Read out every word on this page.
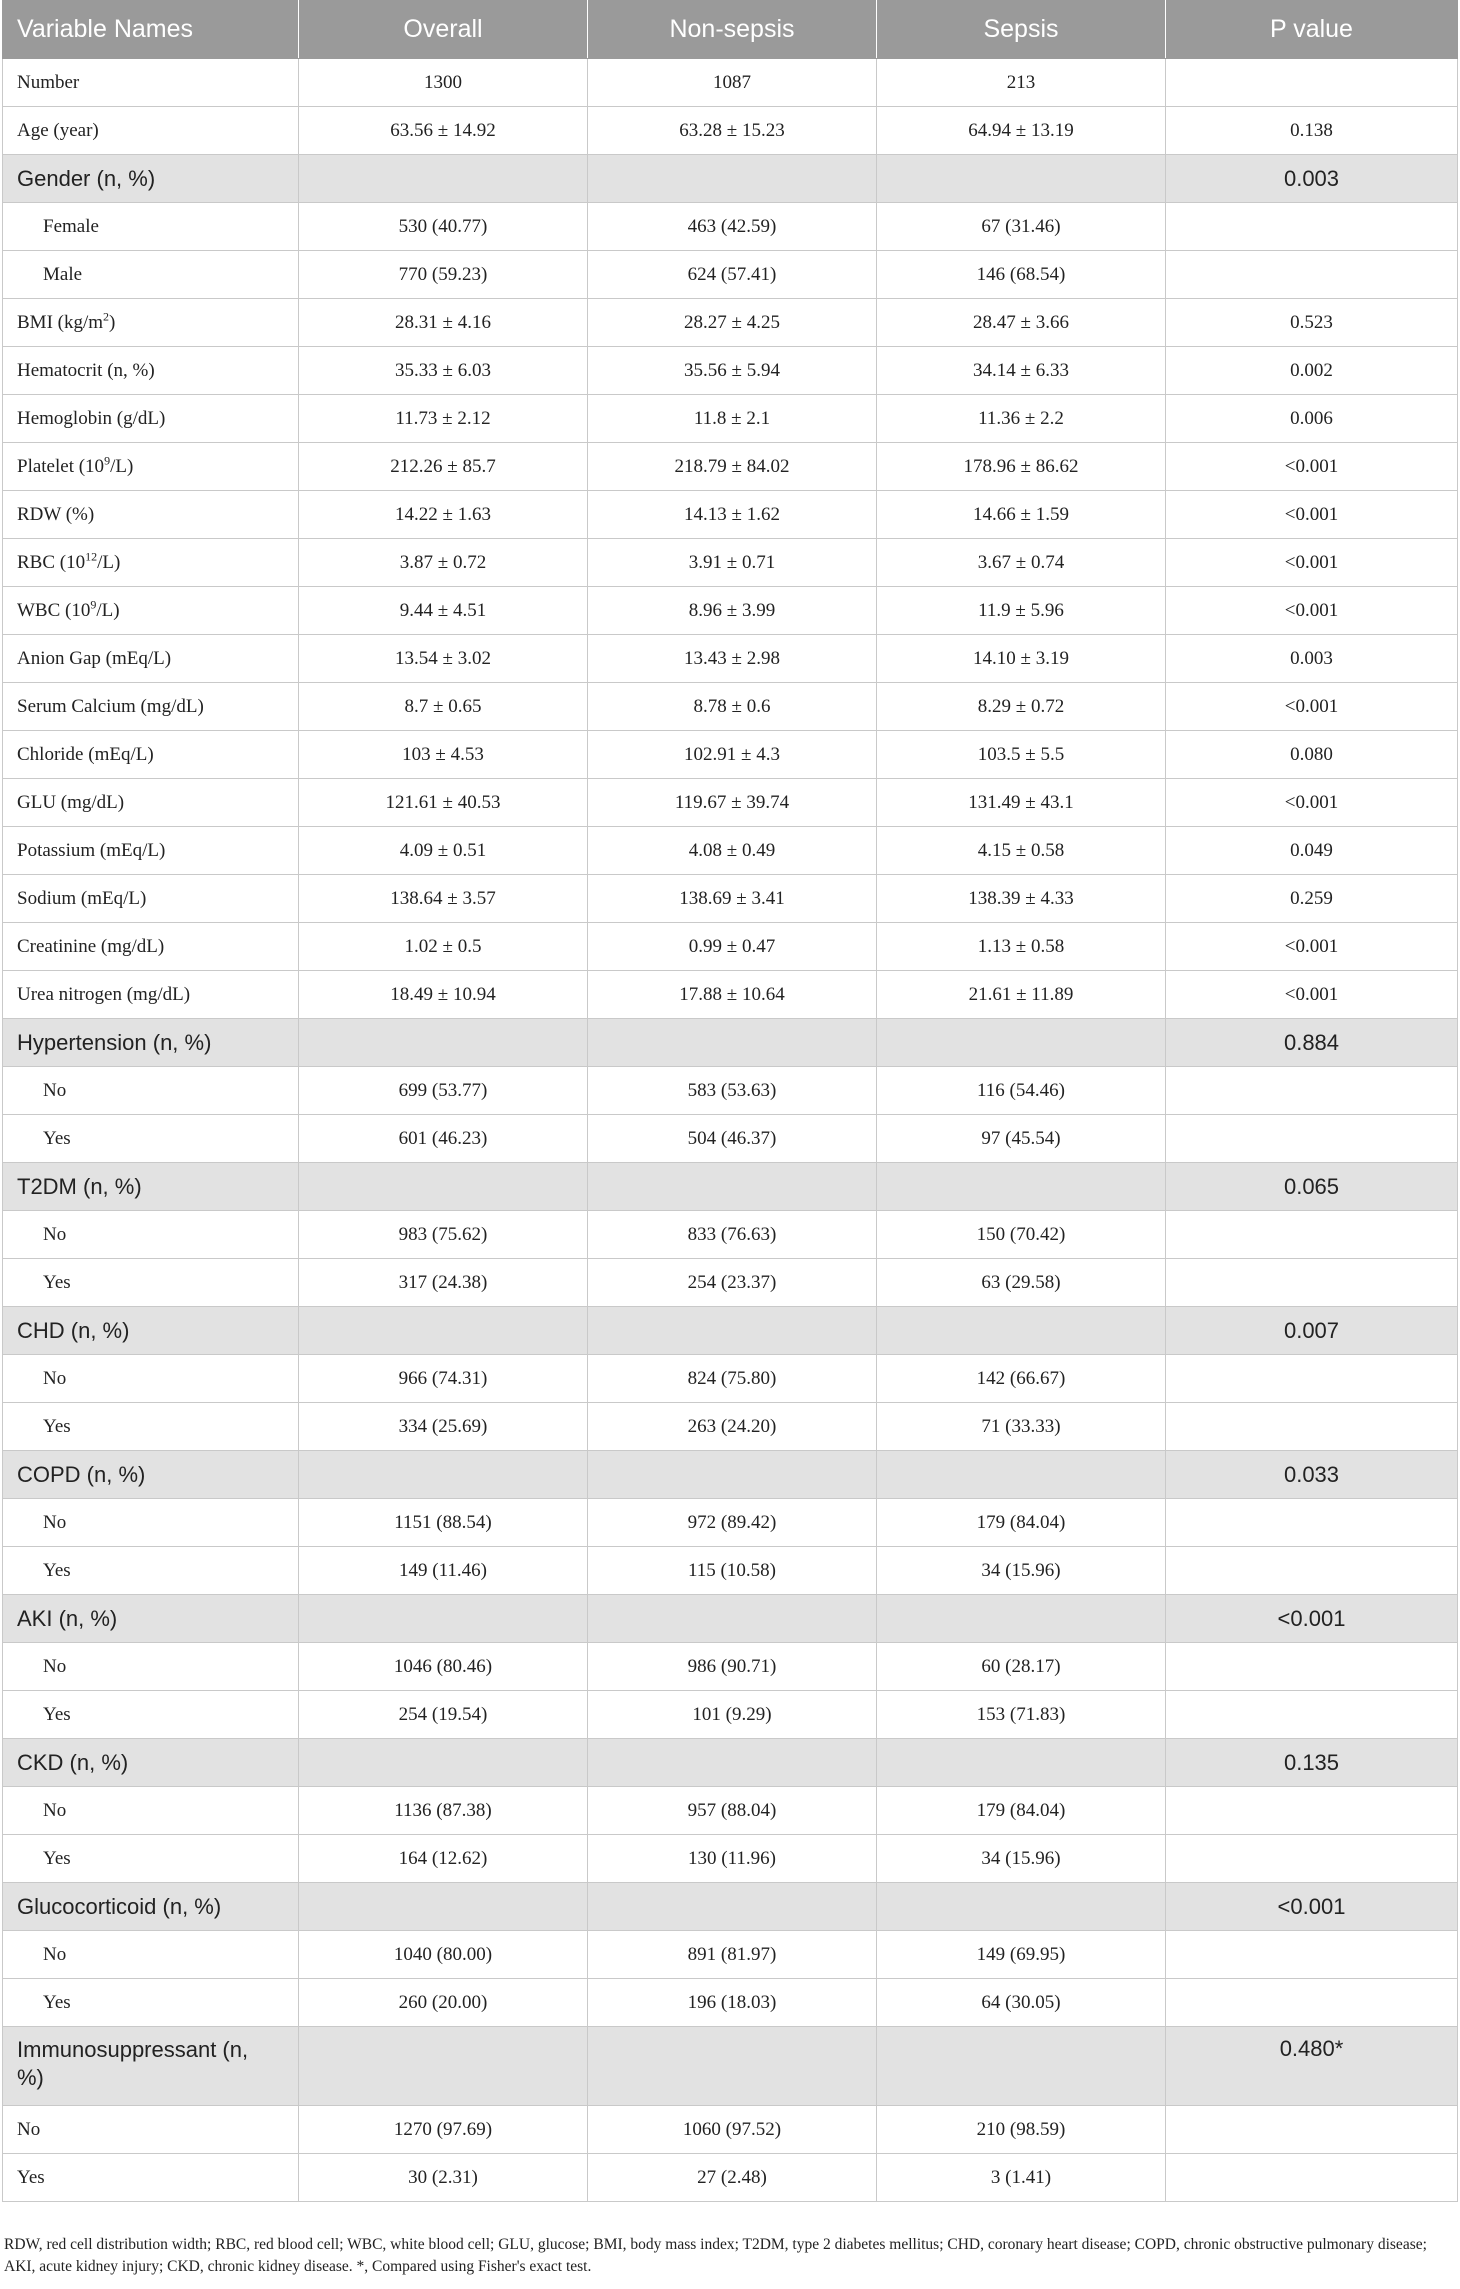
Variable Names	Overall	Non-sepsis	Sepsis	P value
Number	1300	1087	213	
Age (year)	63.56 ± 14.92	63.28 ± 15.23	64.94 ± 13.19	0.138
Gender (n, %)				0.003
Female	530 (40.77)	463 (42.59)	67 (31.46)	
Male	770 (59.23)	624 (57.41)	146 (68.54)	
BMI $(kg/m^2)$	28.31 ± 4.16	28.27 ± 4.25	28.47 ± 3.66	0.523
Hematocrit (n, %)	35.33 ± 6.03	35.56 ± 5.94	34.14 ± 6.33	0.002
Hemoglobin (g/dL)	11.73 ± 2.12	11.8 ± 2.1	11.36 ± 2.2	0.006
Platelet $(10^9/L)$	212.26 ± 85.7	218.79 ± 84.02	178.96 ± 86.62	<0.001
RDW (%)	14.22 ± 1.63	14.13 ± 1.62	14.66 ± 1.59	<0.001
RBC $(10^{12}/L)$	3.87 ± 0.72	3.91 ± 0.71	3.67 ± 0.74	<0.001
WBC $(10^9/L)$	9.44 ± 4.51	8.96 ± 3.99	11.9 ± 5.96	<0.001
Anion Gap (mEq/L)	13.54 ± 3.02	13.43 ± 2.98	14.10 ± 3.19	0.003
Serum Calcium (mg/dL)	8.7 ± 0.65	8.78 ± 0.6	8.29 ± 0.72	<0.001
Chloride (mEq/L)	103 ± 4.53	102.91 ± 4.3	103.5 ± 5.5	0.080
GLU (mg/dL)	121.61 ± 40.53	119.67 ± 39.74	131.49 ± 43.1	<0.001
Potassium (mEq/L)	4.09 ± 0.51	4.08 ± 0.49	4.15 ± 0.58	0.049
Sodium (mEq/L)	138.64 ± 3.57	138.69 ± 3.41	138.39 ± 4.33	0.259
Creatinine (mg/dL)	1.02 ± 0.5	0.99 ± 0.47	1.13 ± 0.58	<0.001
Urea nitrogen (mg/dL)	18.49 ± 10.94	17.88 ± 10.64	21.61 ± 11.89	<0.001
Hypertension (n, %)				0.884
No	699 (53.77)	583 (53.63)	116 (54.46)	
Yes	601 (46.23)	504 (46.37)	97 (45.54)	
T2DM (n, %)				0.065
No	983 (75.62)	833 (76.63)	150 (70.42)	
Yes	317 (24.38)	254 (23.37)	63 (29.58)	
CHD (n, %)				0.007
No	966 (74.31)	824 (75.80)	142 (66.67)	
Yes	334 (25.69)	263 (24.20)	71 (33.33)	
COPD (n, %)				0.033
No	1151 (88.54)	972 (89.42)	179 (84.04)	
Yes	149 (11.46)	115 (10.58)	34 (15.96)	
AKI (n, %)				<0.001
No	1046 (80.46)	986 (90.71)	60 (28.17)	
Yes	254 (19.54)	101 (9.29)	153 (71.83)	
CKD (n, %)				0.135
No	1136 (87.38)	957 (88.04)	179 (84.04)	
Yes	164 (12.62)	130 (11.96)	34 (15.96)	
Glucocorticoid (n, %)				<0.001
No	1040 (80.00)	891 (81.97)	149 (69.95)	
Yes	260 (20.00)	196 (18.03)	64 (30.05)	
Immunosuppressant (n, %)				0.480*
No	1270 (97.69)	1060 (97.52)	210 (98.59)	
Yes	30 (2.31)	27 (2.48)	3 (1.41)	
RDW, red cell distribution width; RBC, red blood cell; WBC, white blood cell; GLU, glucose; BMI, body mass index; T2DM, type 2 diabetes mellitus; CHD, coronary heart disease; COPD, chronic obstructive pulmonary disease; AKI, acute kidney injury; CKD, chronic kidney disease. *, Compared using Fisher's exact test.
